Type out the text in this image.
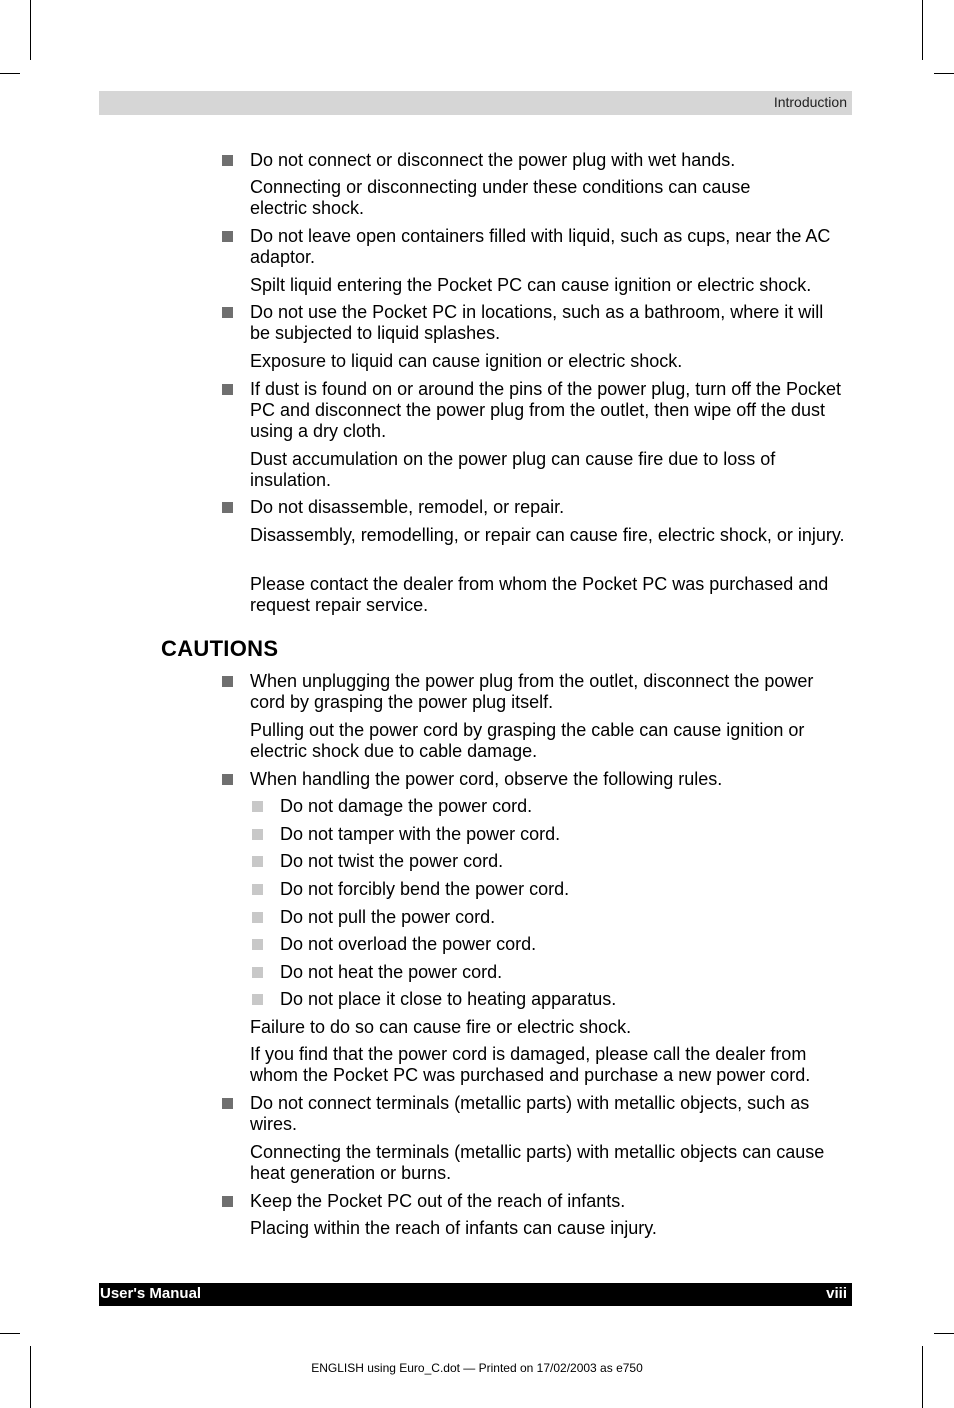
Introduction
Do not connect or disconnect the power plug with wet hands.
Connecting or disconnecting under these conditions can cause electric shock.
Do not leave open containers filled with liquid, such as cups, near the AC adaptor.
Spilt liquid entering the Pocket PC can cause ignition or electric shock.
Do not use the Pocket PC in locations, such as a bathroom, where it will be subjected to liquid splashes.
Exposure to liquid can cause ignition or electric shock.
If dust is found on or around the pins of the power plug, turn off the Pocket PC and disconnect the power plug from the outlet, then wipe off the dust using a dry cloth.
Dust accumulation on the power plug can cause fire due to loss of insulation.
Do not disassemble, remodel, or repair.
Disassembly, remodelling, or repair can cause fire, electric shock, or injury.
Please contact the dealer from whom the Pocket PC was purchased and request repair service.
CAUTIONS
When unplugging the power plug from the outlet, disconnect the power cord by grasping the power plug itself.
Pulling out the power cord by grasping the cable can cause ignition or electric shock due to cable damage.
When handling the power cord, observe the following rules.
Do not damage the power cord.
Do not tamper with the power cord.
Do not twist the power cord.
Do not forcibly bend the power cord.
Do not pull the power cord.
Do not overload the power cord.
Do not heat the power cord.
Do not place it close to heating apparatus.
Failure to do so can cause fire or electric shock.
If you find that the power cord is damaged, please call the dealer from whom the Pocket PC was purchased and purchase a new power cord.
Do not connect terminals (metallic parts) with metallic objects, such as wires.
Connecting the terminals (metallic parts) with metallic objects can cause heat generation or burns.
Keep the Pocket PC out of the reach of infants.
Placing within the reach of infants can cause injury.
User's Manual	viii
ENGLISH using Euro_C.dot — Printed on 17/02/2003 as e750
